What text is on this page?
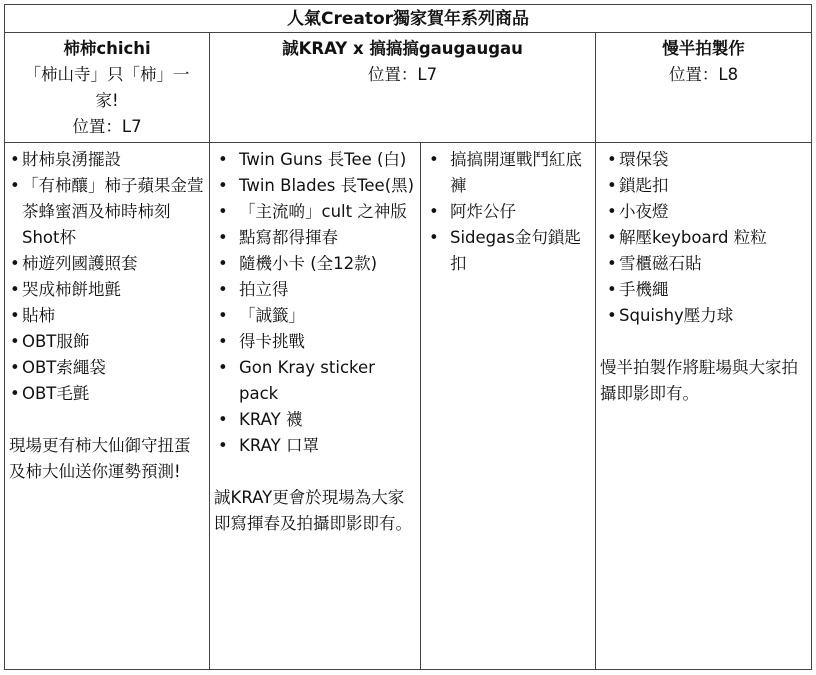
人氣Creator獨家賀年系列商品
柿柿chichi
「柿山寺」只「柿」一家!
位置：L7
誠KRAY x 搞搞搞gaugaugau
位置：L7
慢半拍製作
位置：L8
• 財柿泉湧擺設
• 「有柿釀」柿子蘋果金萱茶蜂蜜酒及柿時柿刻Shot杯
• 柿遊列國護照套
• 哭成柿餅地氈
• 貼柿
• OBT服飾
• OBT索繩袋
• OBT毛氈
現場更有柿大仙御守扭蛋及柿大仙送你運勢預測!
• Twin Guns 長Tee (白)
• Twin Blades 長Tee(黑)
• 「主流啲」cult 之神版
• 點寫都得揮春
• 隨機小卡 (全12款)
• 拍立得
• 「誠籤」
• 得卡挑戰
• Gon Kray sticker pack
• KRAY 襪
• KRAY 口罩
誠KRAY更會於現場為大家即寫揮春及拍攝即影即有。
• 搞搞開運戰鬥紅底褲
• 阿炸公仔
• Sidegas金句鎖匙扣
• 環保袋
• 鎖匙扣
• 小夜燈
• 解壓keyboard 粒粒
• 雪櫃磁石貼
• 手機繩
• Squishy壓力球
慢半拍製作將駐場與大家拍攝即影即有。
